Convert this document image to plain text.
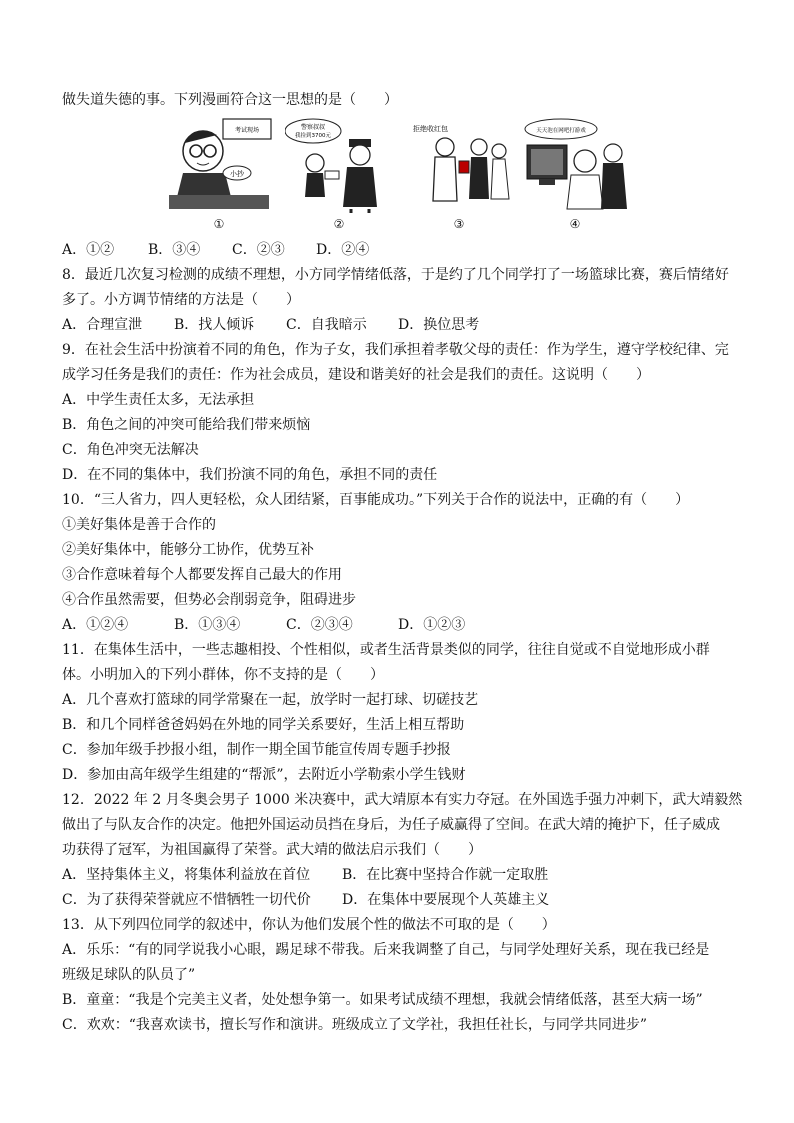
做失道失德的事。下列漫画符合这一思想的是（　　）
考试现场
小抄
①
警察叔叔
我捡到3700元
②
拒绝收红包
③
天天泡在网吧打游戏
④
A．①② B．③④ C．②③ D．②④
8．最近几次复习检测的成绩不理想，小方同学情绪低落，于是约了几个同学打了一场篮球比赛，赛后情绪好
多了。小方调节情绪的方法是（　　）
A．合理宣泄 B．找人倾诉 C．自我暗示 D．换位思考
9．在社会生活中扮演着不同的角色，作为子女，我们承担着孝敬父母的责任：作为学生，遵守学校纪律、完
成学习任务是我们的责任：作为社会成员，建设和谐美好的社会是我们的责任。这说明（　　）
A．中学生责任太多，无法承担
B．角色之间的冲突可能给我们带来烦恼
C．角色冲突无法解决
D．在不同的集体中，我们扮演不同的角色，承担不同的责任
10．“三人省力，四人更轻松，众人团结紧，百事能成功。”下列关于合作的说法中，正确的有（　　）
①美好集体是善于合作的
②美好集体中，能够分工协作，优势互补
③合作意味着每个人都要发挥自己最大的作用
④合作虽然需要，但势必会削弱竞争，阻碍进步
A．①②④	B．①③④	C．②③④	D．①②③
11．在集体生活中，一些志趣相投、个性相似，或者生活背景类似的同学，往往自觉或不自觉地形成小群
体。小明加入的下列小群体，你不支持的是（　　）
A．几个喜欢打篮球的同学常聚在一起，放学时一起打球、切磋技艺
B．和几个同样爸爸妈妈在外地的同学关系要好，生活上相互帮助
C．参加年级手抄报小组，制作一期全国节能宣传周专题手抄报
D．参加由高年级学生组建的“帮派”，去附近小学勒索小学生钱财
12．2022 年 2 月冬奥会男子 1000 米决赛中，武大靖原本有实力夺冠。在外国选手强力冲刺下，武大靖毅然
做出了与队友合作的决定。他把外国运动员挡在身后，为任子威赢得了空间。在武大靖的掩护下，任子威成
功获得了冠军，为祖国赢得了荣誉。武大靖的做法启示我们（　　）
A．坚持集体主义，将集体利益放在首位 B．在比赛中坚持合作就一定取胜
C．为了获得荣誉就应不惜牺牲一切代价 D．在集体中要展现个人英雄主义
13．从下列四位同学的叙述中，你认为他们发展个性的做法不可取的是（　　）
A．乐乐：“有的同学说我小心眼，踢足球不带我。后来我调整了自己，与同学处理好关系，现在我已经是
班级足球队的队员了”
B．童童：“我是个完美主义者，处处想争第一。如果考试成绩不理想，我就会情绪低落，甚至大病一场”
C．欢欢：“我喜欢读书，擅长写作和演讲。班级成立了文学社，我担任社长，与同学共同进步”
